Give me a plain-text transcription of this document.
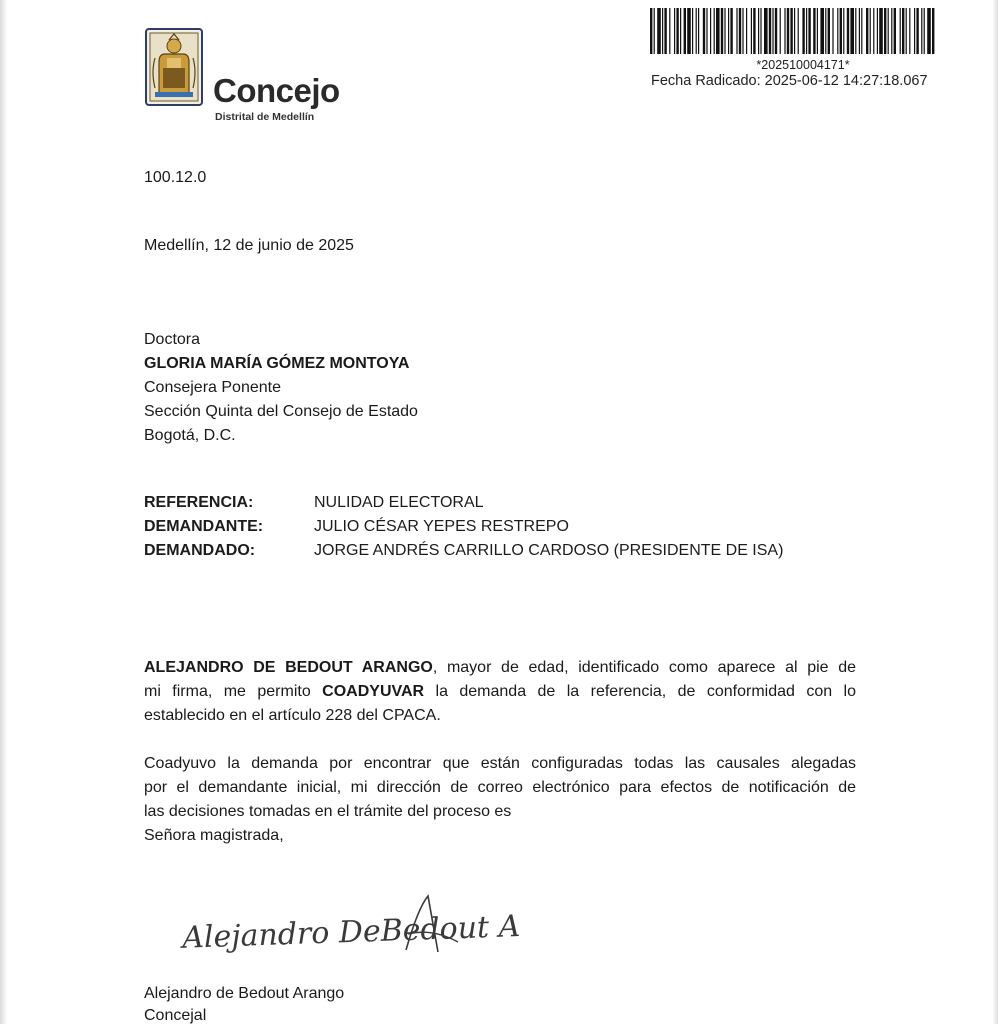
Concejo
Distrital de Medellín
*202510004171*
Fecha Radicado: 2025-06-12 14:27:18.067
100.12.0
Medellín, 12 de junio de 2025
Doctora
GLORIA MARÍA GÓMEZ MONTOYA
Consejera Ponente
Sección Quinta del Consejo de Estado
Bogotá, D.C.
REFERENCIA:	NULIDAD ELECTORAL
DEMANDANTE:	JULIO CÉSAR YEPES RESTREPO
DEMANDADO:	JORGE ANDRÉS CARRILLO CARDOSO (PRESIDENTE DE ISA)
ALEJANDRO DE BEDOUT ARANGO, mayor de edad, identificado como aparece al pie de
mi firma, me permito COADYUVAR la demanda de la referencia, de conformidad con lo
establecido en el artículo 228 del CPACA.
Coadyuvo la demanda por encontrar que están configuradas todas las causales alegadas
por el demandante inicial, mi dirección de correo electrónico para efectos de notificación de
las decisiones tomadas en el trámite del proceso es
Señora magistrada,
Alejandro DeBedout A
Alejandro de Bedout Arango
Concejal
